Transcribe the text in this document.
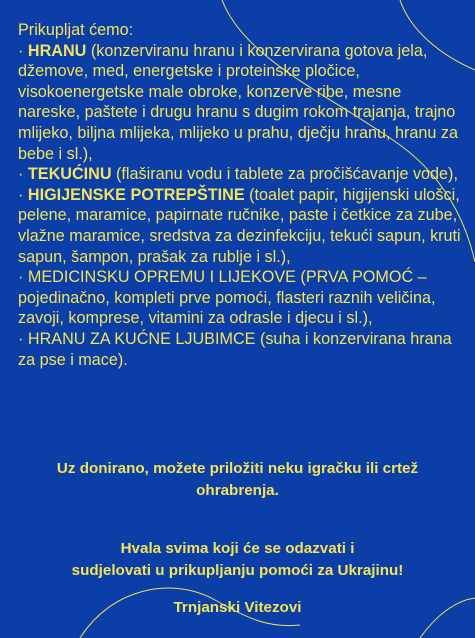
Prikupljat ćemo:
· HRANU (konzerviranu hranu i konzervirana gotova jela, džemove, med, energetske i proteinske pločice, visokoenergetske male obroke, konzerve ribe, mesne nareske, paštete i drugu hranu s dugim rokom trajanja, trajno mlijeko, biljna mlijeka, mlijeko u prahu, dječju hranu, hranu za bebe i sl.),
· TEKUĆINU (flaširanu vodu i tablete za pročišćavanje vode),
· HIGIJENSKE POTREPŠTINE (toalet papir, higijenski ulošci, pelene, maramice, papirnate ručnike, paste i četkice za zube, vlažne maramice, sredstva za dezinfekciju, tekući sapun, kruti sapun, šampon, prašak za rublje i sl.),
· MEDICINSKU OPREMU I LIJEKOVE (PRVA POMOĆ – pojedinačno, kompleti prve pomoći, flasteri raznih veličina, zavoji, komprese, vitamini za odrasle i djecu i sl.),
· HRANU ZA KUĆNE LJUBIMCE (suha i konzervirana hrana za pse i mace).
Uz donirano, možete priložiti neku igračku ili crtež
ohrabrenja.
Hvala svima koji će se odazvati i
sudjelovati u prikupljanju pomoći za Ukrajinu!
Trnjanski Vitezovi
